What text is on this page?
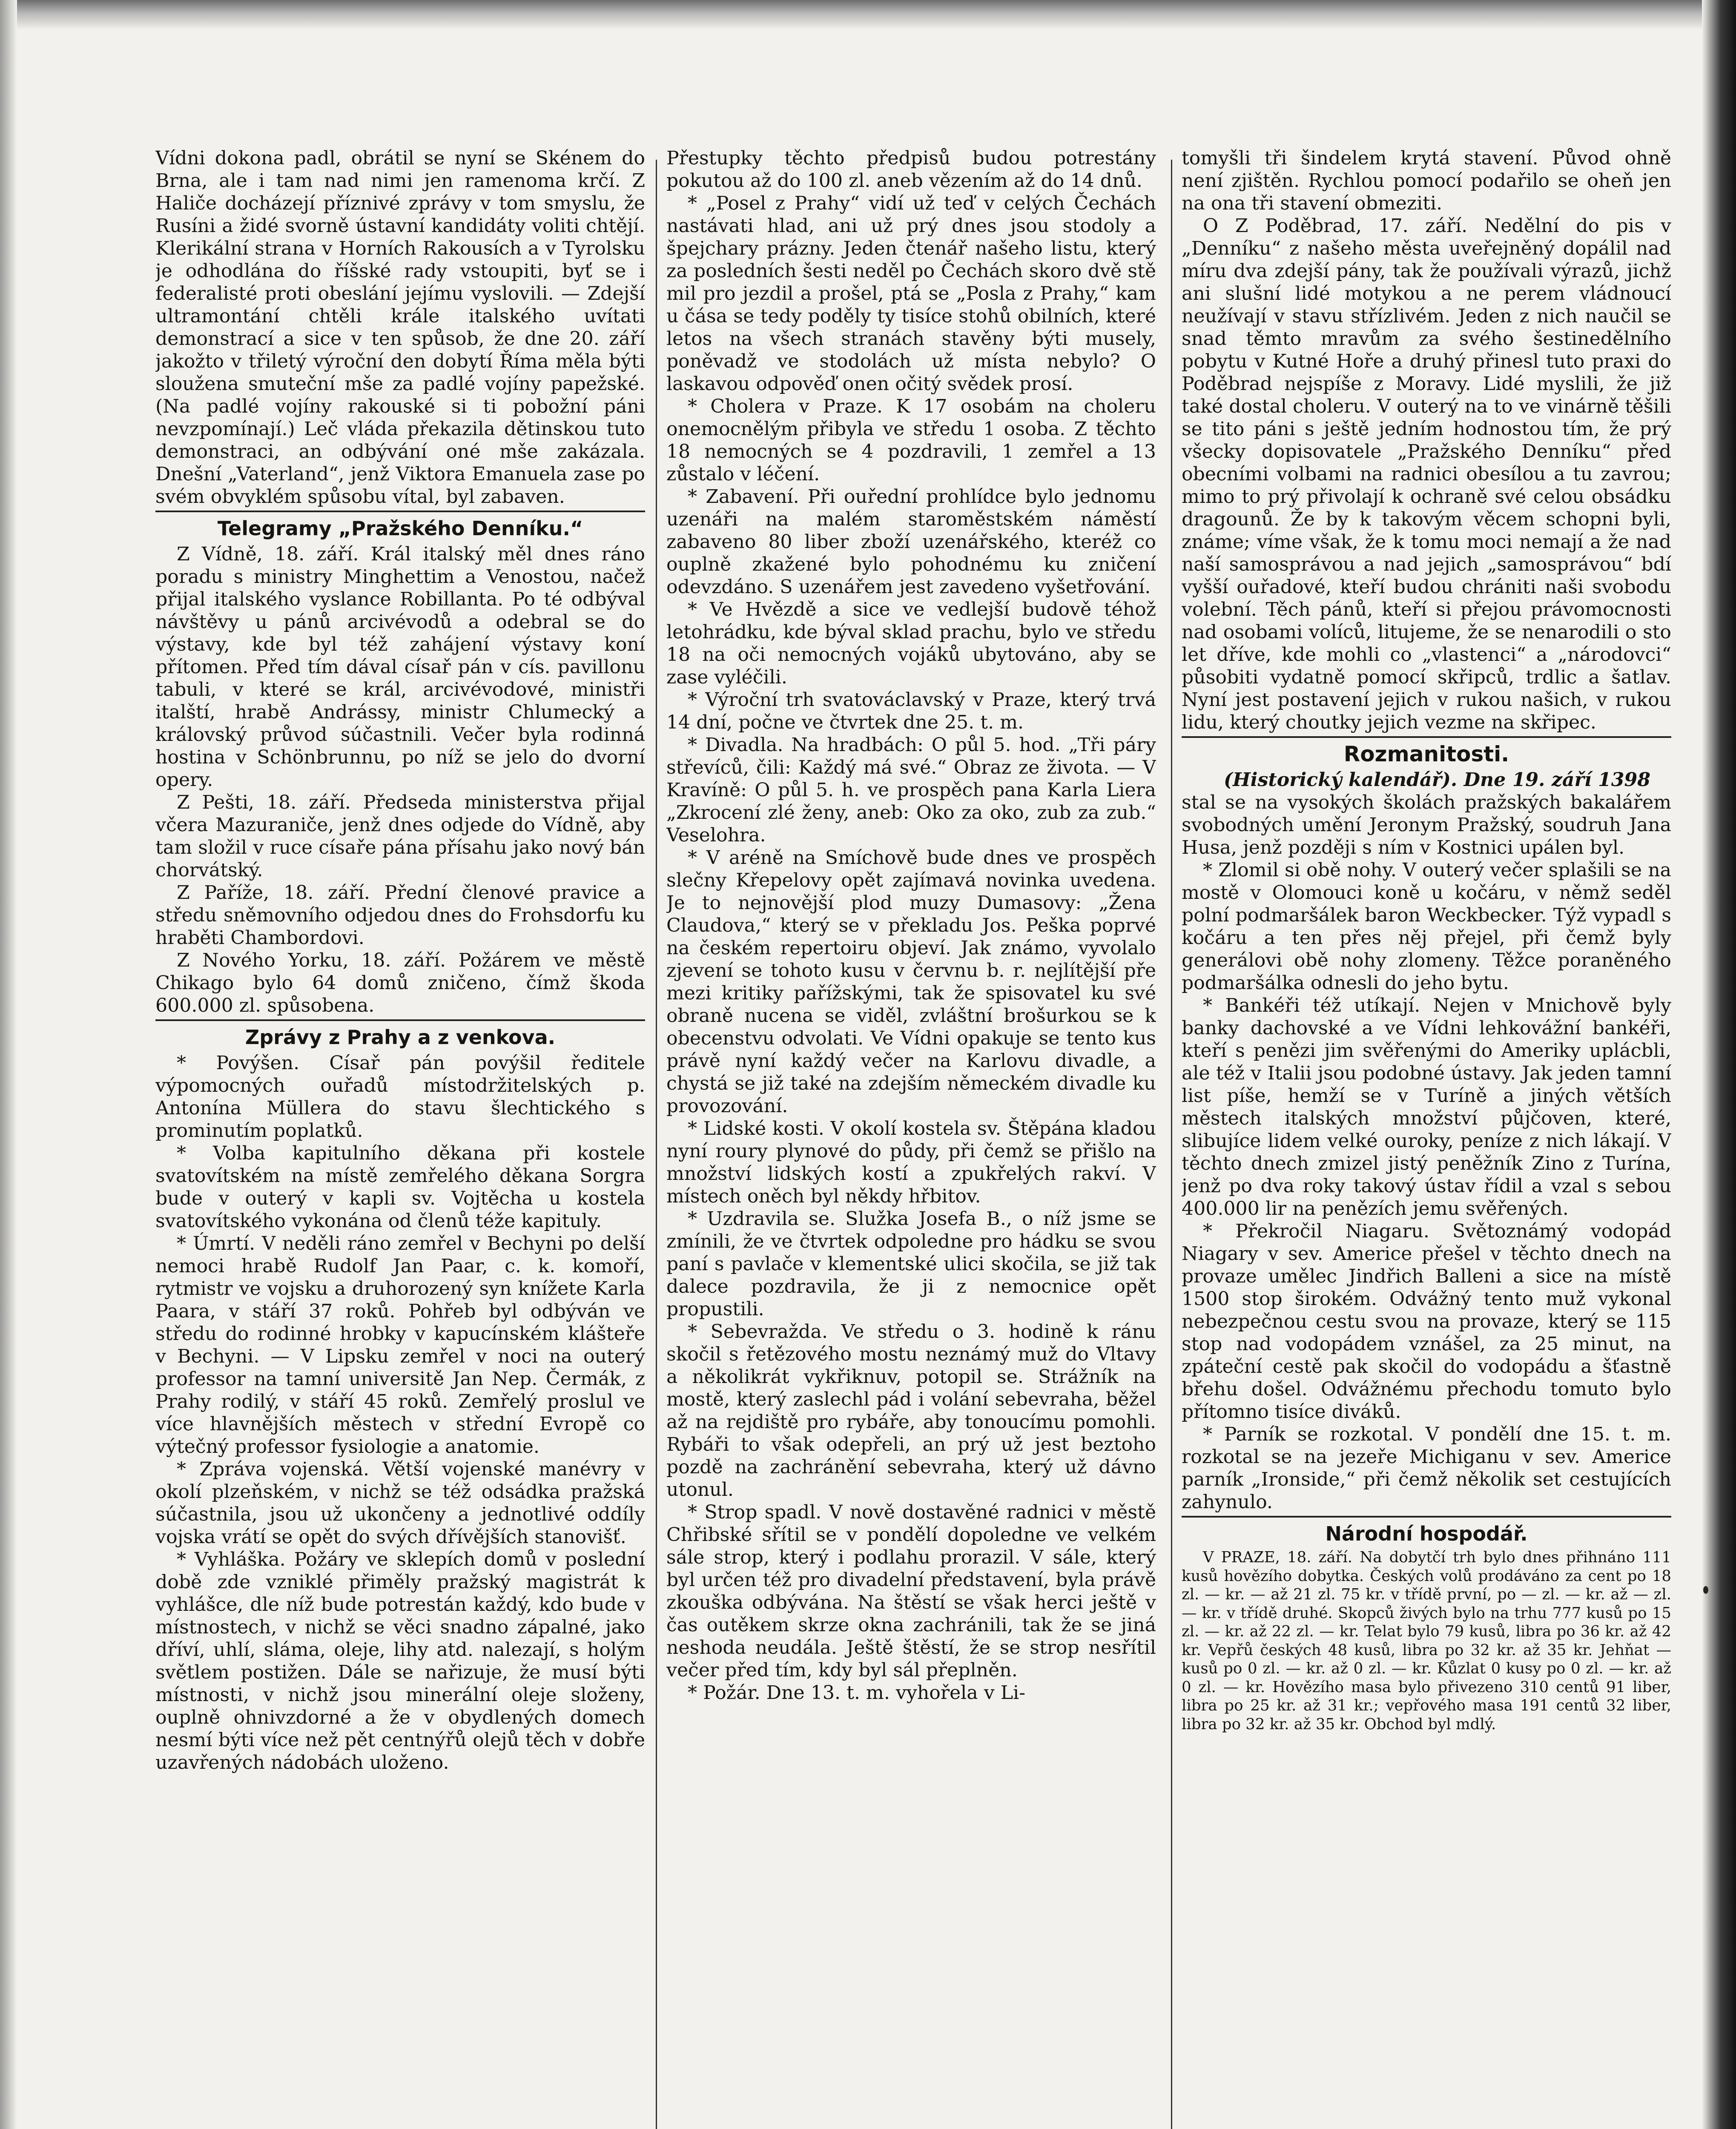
Vídni dokona padl, obrátil se nyní se Skénem do Brna, ale i tam nad nimi jen ramenoma krčí. Z Haliče docházejí příznivé zprávy v tom smyslu, že Rusíni a židé svorně ústavní kandidáty voliti chtějí. Klerikální strana v Horních Rakousích a v Tyrolsku je odhodlána do říšské rady vstoupiti, byť se i federalisté proti obeslání jejímu vyslovili. — Zdejší ultramontání chtěli krále italského uvítati demonstrací a sice v ten spůsob, že dne 20. září jakožto v třiletý výroční den dobytí Říma měla býti sloužena smuteční mše za padlé vojíny papežské. (Na padlé vojíny rakouské si ti pobožní páni nevzpomínají.) Leč vláda překazila dětinskou tuto demonstraci, an odbývání oné mše zakázala. Dnešní „Vaterland“, jenž Viktora Emanuela zase po svém obvyklém spůsobu vítal, byl zabaven.

Telegramy „Pražského Denníku.“

Z Vídně, 18. září. Král italský měl dnes ráno poradu s ministry Minghettim a Venostou, načež přijal italského vyslance Robillanta. Po té odbýval návštěvy u pánů arcivévodů a odebral se do výstavy, kde byl též zahájení výstavy koní přítomen. Před tím dával císař pán v cís. pavillonu tabuli, v které se král, arcivévodové, ministři italští, hrabě Andrássy, ministr Chlumecký a královský průvod súčastnili. Večer byla rodinná hostina v Schönbrunnu, po níž se jelo do dvorní opery.

Z Pešti, 18. září. Předseda ministerstva přijal včera Mazuraniče, jenž dnes odjede do Vídně, aby tam složil v ruce císaře pána přísahu jako nový bán chorvátský.

Z Paříže, 18. září. Přední členové pravice a středu sněmovního odjedou dnes do Frohsdorfu ku hraběti Chambordovi.

Z Nového Yorku, 18. září. Požárem ve městě Chikago bylo 64 domů zničeno, čímž škoda 600.000 zl. spůsobena.

Zprávy z Prahy a z venkova.

* Povýšen. Císař pán povýšil ředitele výpomocných ouřadů místodržitelských p. Antonína Müllera do stavu šlechtického s prominutím poplatků.

* Volba kapitulního děkana při kostele svatovítském na místě zemřelého děkana Sorgra bude v outerý v kapli sv. Vojtěcha u kostela svatovítského vykonána od členů téže kapituly.

* Úmrtí. V neděli ráno zemřel v Bechyni po delší nemoci hrabě Rudolf Jan Paar, c. k. komoří, rytmistr ve vojsku a druhorozený syn knížete Karla Paara, v stáří 37 roků. Pohřeb byl odbýván ve středu do rodinné hrobky v kapucínském klášteře v Bechyni. — V Lipsku zemřel v noci na outerý professor na tamní universitě Jan Nep. Čermák, z Prahy rodilý, v stáří 45 roků. Zemřelý proslul ve více hlavnějších městech v střední Evropě co výtečný professor fysiologie a anatomie.

* Zpráva vojenská. Větší vojenské manévry v okolí plzeňském, v nichž se též odsádka pražská súčastnila, jsou už ukončeny a jednotlivé oddíly vojska vrátí se opět do svých dřívějších stanovišť.

* Vyhláška. Požáry ve sklepích domů v poslední době zde vzniklé přiměly pražský magistrát k vyhlášce, dle níž bude potrestán každý, kdo bude v místnostech, v nichž se věci snadno zápalné, jako dříví, uhlí, sláma, oleje, lihy atd. nalezají, s holým světlem postižen. Dále se nařizuje, že musí býti místnosti, v nichž jsou minerální oleje složeny, ouplně ohnivzdorné a že v obydlených domech nesmí býti více než pět centnýřů olejů těch v dobře uzavřených nádobách uloženo.

Přestupky těchto předpisů budou potrestány pokutou až do 100 zl. aneb vězením až do 14 dnů.

* „Posel z Prahy“ vidí už teď v celých Čechách nastávati hlad, ani už prý dnes jsou stodoly a špejchary prázny. Jeden čtenář našeho listu, který za posledních šesti neděl po Čechách skoro dvě stě mil pro jezdil a prošel, ptá se „Posla z Prahy,“ kam u čása se tedy poděly ty tisíce stohů obilních, které letos na všech stranách stavěny býti musely, poněvadž ve stodolách už místa nebylo? O laskavou odpověď onen očitý svědek prosí.

* Cholera v Praze. K 17 osobám na choleru onemocnělým přibyla ve středu 1 osoba. Z těchto 18 nemocných se 4 pozdravili, 1 zemřel a 13 zůstalo v léčení.

* Zabavení. Při ouřední prohlídce bylo jednomu uzenáři na malém staroměstském náměstí zabaveno 80 liber zboží uzenářského, kteréž co ouplně zkažené bylo pohodnému ku zničení odevzdáno. S uzenářem jest zavedeno vyšetřování.

* Ve Hvězdě a sice ve vedlejší budově téhož letohrádku, kde býval sklad prachu, bylo ve středu 18 na oči nemocných vojáků ubytováno, aby se zase vyléčili.

* Výroční trh svatováclavský v Praze, který trvá 14 dní, počne ve čtvrtek dne 25. t. m.

* Divadla. Na hradbách: O půl 5. hod. „Tři páry střevíců, čili: Každý má své.“ Obraz ze života. — V Kravíně: O půl 5. h. ve prospěch pana Karla Liera „Zkrocení zlé ženy, aneb: Oko za oko, zub za zub.“ Veselohra.

* V aréně na Smíchově bude dnes ve prospěch slečny Křepelovy opět zajímavá novinka uvedena. Je to nejnovější plod muzy Dumasovy: „Žena Claudova,“ který se v překladu Jos. Peška poprvé na českém repertoiru objeví. Jak známo, vyvolalo zjevení se tohoto kusu v červnu b. r. nejlítější pře mezi kritiky pařížskými, tak že spisovatel ku své obraně nucena se viděl, zvláštní brošurkou se k obecenstvu odvolati. Ve Vídni opakuje se tento kus právě nyní každý večer na Karlovu divadle, a chystá se již také na zdejším německém divadle ku provozování.

* Lidské kosti. V okolí kostela sv. Štěpána kladou nyní roury plynové do půdy, při čemž se přišlo na množství lidských kostí a zpukřelých rakví. V místech oněch byl někdy hřbitov.

* Uzdravila se. Služka Josefa B., o níž jsme se zmínili, že ve čtvrtek odpoledne pro hádku se svou paní s pavlače v klementské ulici skočila, se již tak dalece pozdravila, že ji z nemocnice opět propustili.

* Sebevražda. Ve středu o 3. hodině k ránu skočil s řetězového mostu neznámý muž do Vltavy a několikrát vykřiknuv, potopil se. Strážník na mostě, který zaslechl pád i volání sebevraha, běžel až na rejdiště pro rybáře, aby tonoucímu pomohli. Rybáři to však odepřeli, an prý už jest beztoho pozdě na zachránění sebevraha, který už dávno utonul.

* Strop spadl. V nově dostavěné radnici v městě Chřibské sřítil se v pondělí dopoledne ve velkém sále strop, který i podlahu prorazil. V sále, který byl určen též pro divadelní představení, byla právě zkouška odbývána. Na štěstí se však herci ještě v čas outěkem skrze okna zachránili, tak že se jiná neshoda neudála. Ještě štěstí, že se strop nesřítil večer před tím, kdy byl sál přeplněn.

* Požár. Dne 13. t. m. vyhořela v Li-

tomyšli tři šindelem krytá stavení. Původ ohně není zjištěn. Rychlou pomocí podařilo se oheň jen na ona tři stavení obmeziti.

O Z Poděbrad, 17. září. Nedělní do pis v „Denníku“ z našeho města uveřejněný dopálil nad míru dva zdejší pány, tak že používali výrazů, jichž ani slušní lidé motykou a ne perem vládnoucí neužívají v stavu střízlivém. Jeden z nich naučil se snad těmto mravům za svého šestinedělního pobytu v Kutné Hoře a druhý přinesl tuto praxi do Poděbrad nejspíše z Moravy. Lidé myslili, že již také dostal choleru. V outerý na to ve vinárně těšili se tito páni s ještě jedním hodnostou tím, že prý všecky dopisovatele „Pražského Denníku“ před obecními volbami na radnici obesílou a tu zavrou; mimo to prý přivolají k ochraně své celou obsádku dragounů. Že by k takovým věcem schopni byli, známe; víme však, že k tomu moci nemají a že nad naší samosprávou a nad jejich „samosprávou“ bdí vyšší ouřadové, kteří budou chrániti naši svobodu volební. Těch pánů, kteří si přejou právomocnosti nad osobami volíců, litujeme, že se nenarodili o sto let dříve, kde mohli co „vlastenci“ a „národovci“ působiti vydatně pomocí skřipců, trdlic a šatlav. Nyní jest postavení jejich v rukou našich, v rukou lidu, který choutky jejich vezme na skřipec.

Rozmanitosti.

(Historický kalendář). Dne 19. září 1398

stal se na vysokých školách pražských bakalářem svobodných umění Jeronym Pražský, soudruh Jana Husa, jenž později s ním v Kostnici upálen byl.

* Zlomil si obě nohy. V outerý večer splašili se na mostě v Olomouci koně u kočáru, v němž seděl polní podmaršálek baron Weckbecker. Týž vypadl s kočáru a ten přes něj přejel, při čemž byly generálovi obě nohy zlomeny. Těžce poraněného podmaršálka odnesli do jeho bytu.

* Bankéři též utíkají. Nejen v Mnichově byly banky dachovské a ve Vídni lehkovážní bankéři, kteří s penězi jim svěřenými do Ameriky uplácbli, ale též v Italii jsou podobné ústavy. Jak jeden tamní list píše, hemží se v Turíně a jiných větších městech italských množství půjčoven, které, slibujíce lidem velké ouroky, peníze z nich lákají. V těchto dnech zmizel jistý peněžník Zino z Turína, jenž po dva roky takový ústav řídil a vzal s sebou 400.000 lir na penězích jemu svěřených.

* Překročil Niagaru. Světoznámý vodopád Niagary v sev. Americe přešel v těchto dnech na provaze umělec Jindřich Balleni a sice na místě 1500 stop širokém. Odvážný tento muž vykonal nebezpečnou cestu svou na provaze, který se 115 stop nad vodopádem vznášel, za 25 minut, na zpáteční cestě pak skočil do vodopádu a šťastně břehu došel. Odvážnému přechodu tomuto bylo přítomno tisíce diváků.

* Parník se rozkotal. V pondělí dne 15. t. m. rozkotal se na jezeře Michiganu v sev. Americe parník „Ironside,“ při čemž několik set cestujících zahynulo.

Národní hospodář.

V PRAZE, 18. září. Na dobytčí trh bylo dnes přihnáno 111 kusů hovězího dobytka. Českých volů prodáváno za cent po 18 zl. — kr. — až 21 zl. 75 kr. v třídě první, po — zl. — kr. až — zl. — kr. v třídě druhé. Skopců živých bylo na trhu 777 kusů po 15 zl. — kr. až 22 zl. — kr. Telat bylo 79 kusů, libra po 36 kr. až 42 kr. Vepřů českých 48 kusů, libra po 32 kr. až 35 kr. Jehňat — kusů po 0 zl. — kr. až 0 zl. — kr. Kůzlat 0 kusy po 0 zl. — kr. až 0 zl. — kr. Hovězího masa bylo přivezeno 310 centů 91 liber, libra po 25 kr. až 31 kr.; vepřového masa 191 centů 32 liber, libra po 32 kr. až 35 kr. Obchod byl mdlý.
